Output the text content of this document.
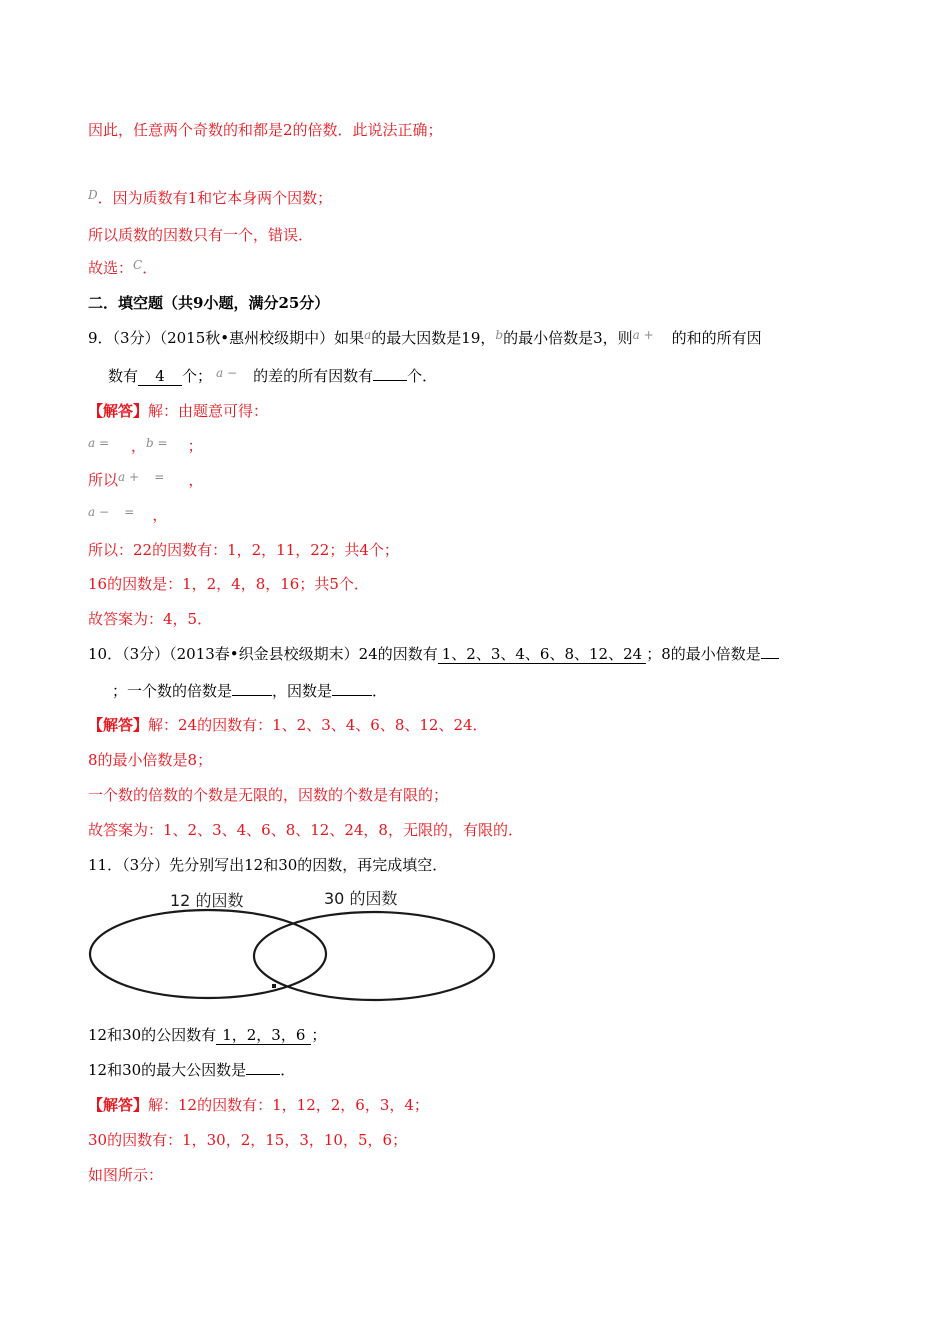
因此，任意两个奇数的和都是2的倍数．此说法正确；
$^D$．因为质数有1和它本身两个因数；
所以质数的因数只有一个，错误．
故选：$^C$．
二．填空题（共9小题，满分25分）
9．（3分）（2015秋•惠州校级期中）如果$^a$的最大因数是19，$^b$的最小倍数是3，则$^{a +}$ 的和的所有因
数有 4 个； $^{a -}$ 的差的所有因数有 个．
【解答】解：由题意可得：
$^{a =}$ ，$^{b =}$ ；
所以$^{a + =}$ ，
$^{a - =}$ ，
所以：22的因数有：1，2，11，22；共4个；
16的因数是：1，2，4，8，16；共5个．
故答案为：4，5．
10．（3分）（2013春•织金县校级期末）24的因数有 1、2、3、4、6、8、12、24 ；8的最小倍数是
；一个数的倍数是	，因数是	．
【解答】解：24的因数有：1、2、3、4、6、8、12、24．
8的最小倍数是8；
一个数的倍数的个数是无限的，因数的个数是有限的；
故答案为：1、2、3、4、6、8、12、24，8，无限的，有限的．
11．（3分）先分别写出12和30的因数，再完成填空．
12 的因数	30 的因数
12和30的公因数有 1，2，3，6 ；
12和30的最大公因数是 ．
【解答】解：12的因数有：1，12，2，6，3，4；
30的因数有：1，30，2，15，3，10，5，6；
如图所示：
